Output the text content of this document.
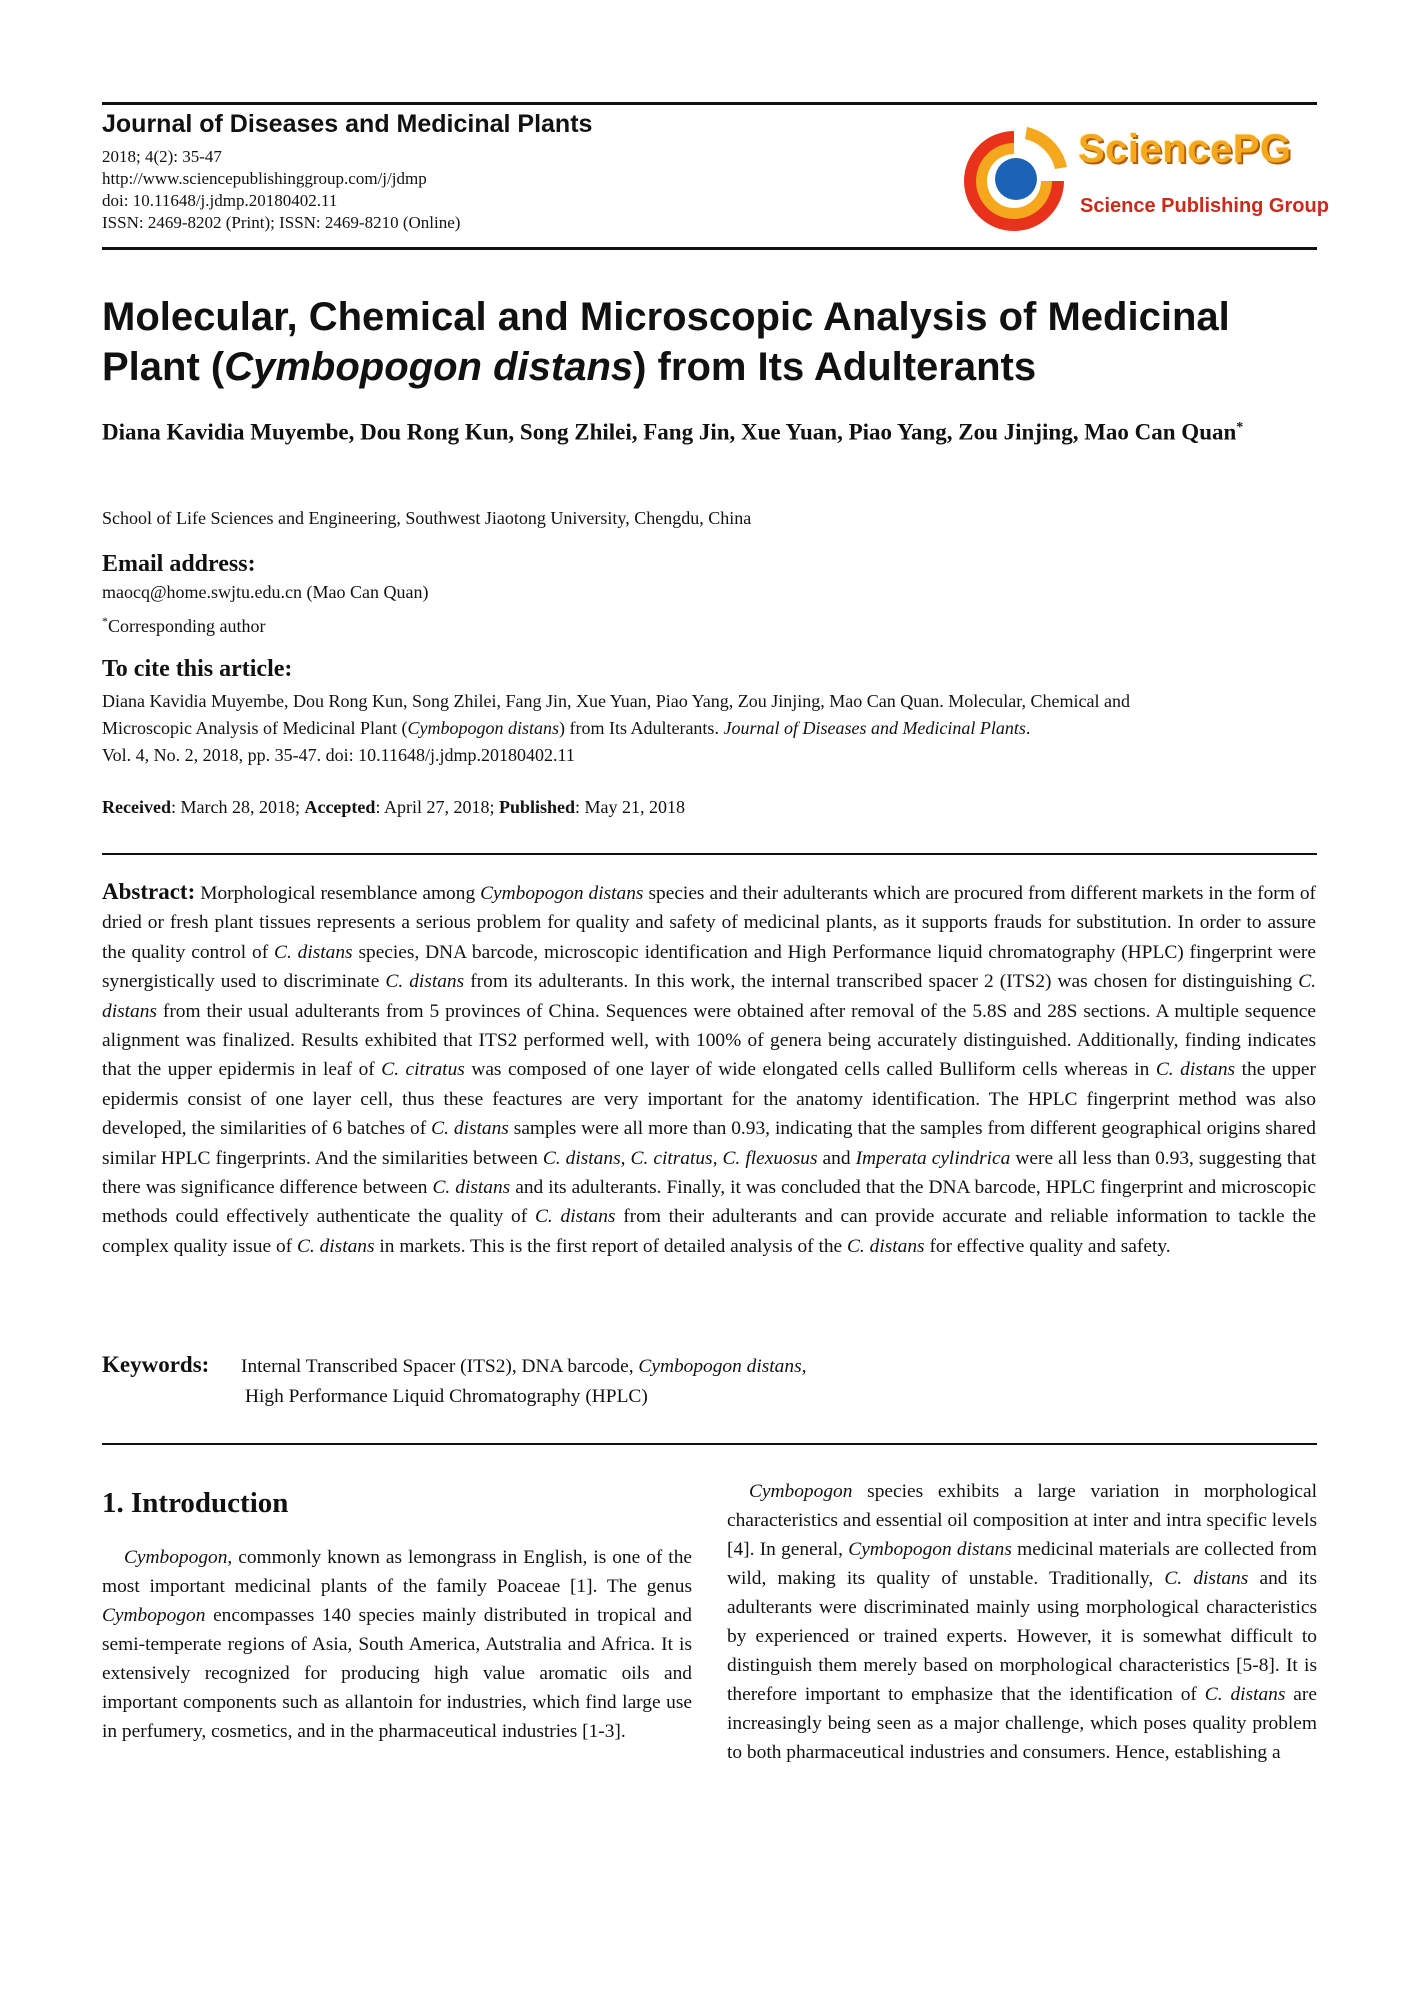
Journal of Diseases and Medicinal Plants
2018; 4(2): 35-47
http://www.sciencepublishinggroup.com/j/jdmp
doi: 10.11648/j.jdmp.20180402.11
ISSN: 2469-8202 (Print); ISSN: 2469-8210 (Online)
SciencePG
Science Publishing Group
Molecular, Chemical and Microscopic Analysis of Medicinal
Plant (Cymbopogon distans) from Its Adulterants
Diana Kavidia Muyembe, Dou Rong Kun, Song Zhilei, Fang Jin, Xue Yuan, Piao Yang, Zou Jinjing, Mao Can Quan*
School of Life Sciences and Engineering, Southwest Jiaotong University, Chengdu, China
Email address:
maocq@home.swjtu.edu.cn (Mao Can Quan)
*Corresponding author
To cite this article:
Diana Kavidia Muyembe, Dou Rong Kun, Song Zhilei, Fang Jin, Xue Yuan, Piao Yang, Zou Jinjing, Mao Can Quan. Molecular, Chemical and
Microscopic Analysis of Medicinal Plant (Cymbopogon distans) from Its Adulterants. Journal of Diseases and Medicinal Plants.
Vol. 4, No. 2, 2018, pp. 35-47. doi: 10.11648/j.jdmp.20180402.11
Received: March 28, 2018; Accepted: April 27, 2018; Published: May 21, 2018
Abstract: Morphological resemblance among Cymbopogon distans species and their adulterants which are procured from different markets in the form of dried or fresh plant tissues represents a serious problem for quality and safety of medicinal plants, as it supports frauds for substitution. In order to assure the quality control of C. distans species, DNA barcode, microscopic identification and High Performance liquid chromatography (HPLC) fingerprint were synergistically used to discriminate C. distans from its adulterants. In this work, the internal transcribed spacer 2 (ITS2) was chosen for distinguishing C. distans from their usual adulterants from 5 provinces of China. Sequences were obtained after removal of the 5.8S and 28S sections. A multiple sequence alignment was finalized. Results exhibited that ITS2 performed well, with 100% of genera being accurately distinguished. Additionally, finding indicates that the upper epidermis in leaf of C. citratus was composed of one layer of wide elongated cells called Bulliform cells whereas in C. distans the upper epidermis consist of one layer cell, thus these feactures are very important for the anatomy identification. The HPLC fingerprint method was also developed, the similarities of 6 batches of C. distans samples were all more than 0.93, indicating that the samples from different geographical origins shared similar HPLC fingerprints. And the similarities between C. distans, C. citratus, C. flexuosus and Imperata cylindrica were all less than 0.93, suggesting that there was significance difference between C. distans and its adulterants. Finally, it was concluded that the DNA barcode, HPLC fingerprint and microscopic methods could effectively authenticate the quality of C. distans from their adulterants and can provide accurate and reliable information to tackle the complex quality issue of C. distans in markets. This is the first report of detailed analysis of the C. distans for effective quality and safety.
Keywords: Internal Transcribed Spacer (ITS2), DNA barcode, Cymbopogon distans,
High Performance Liquid Chromatography (HPLC)
1. Introduction

Cymbopogon, commonly known as lemongrass in English, is one of the most important medicinal plants of the family Poaceae [1]. The genus Cymbopogon encompasses 140 species mainly distributed in tropical and semi-temperate regions of Asia, South America, Autstralia and Africa. It is extensively recognized for producing high value aromatic oils and important components such as allantoin for industries, which find large use in perfumery, cosmetics, and in the pharmaceutical industries [1-3].

Cymbopogon species exhibits a large variation in morphological characteristics and essential oil composition at inter and intra specific levels [4]. In general, Cymbopogon distans medicinal materials are collected from wild, making its quality of unstable. Traditionally, C. distans and its adulterants were discriminated mainly using morphological characteristics by experienced or trained experts. However, it is somewhat difficult to distinguish them merely based on morphological characteristics [5-8]. It is therefore important to emphasize that the identification of C. distans are increasingly being seen as a major challenge, which poses quality problem to both pharmaceutical industries and consumers. Hence, establishing a
